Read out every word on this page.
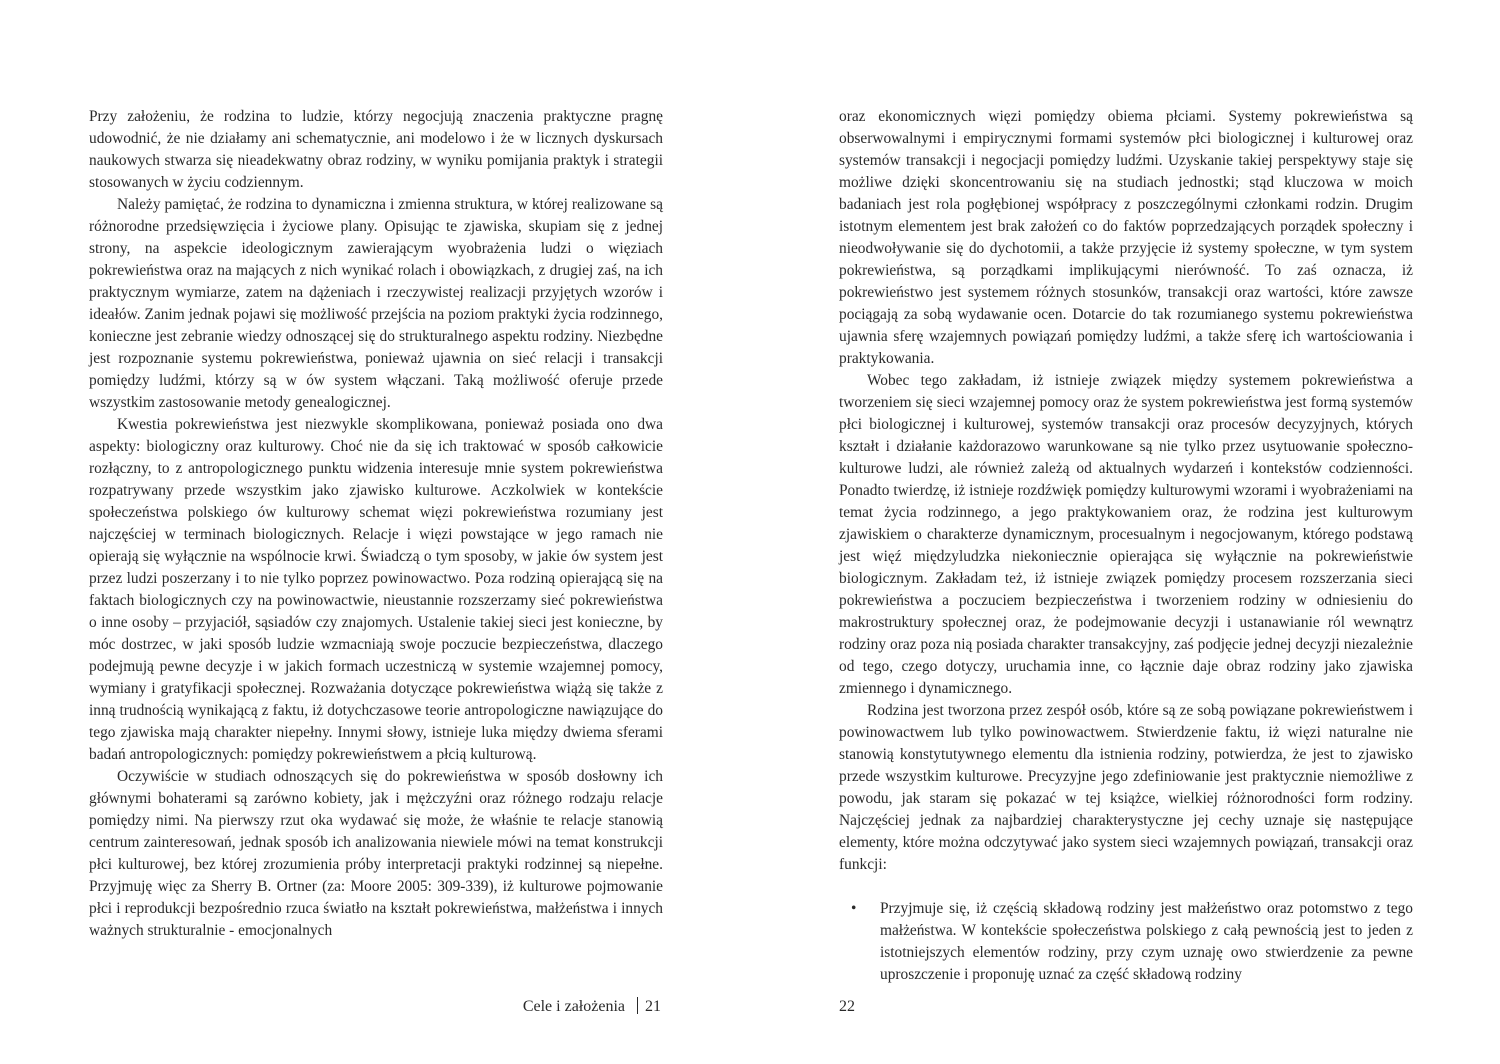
Przy założeniu, że rodzina to ludzie, którzy negocjują znaczenia praktyczne pragnę udowodnić, że nie działamy ani schematycznie, ani modelowo i że w licznych dyskursach naukowych stwarza się nieadekwatny obraz rodziny, w wyniku pomijania praktyk i strategii stosowanych w życiu codziennym.

Należy pamiętać, że rodzina to dynamiczna i zmienna struktura, w której realizowane są różnorodne przedsięwzięcia i życiowe plany. Opisując te zjawiska, skupiam się z jednej strony, na aspekcie ideologicznym zawierającym wyobrażenia ludzi o więziach pokrewieństwa oraz na mających z nich wynikać rolach i obowiązkach, z drugiej zaś, na ich praktycznym wymiarze, zatem na dążeniach i rzeczywistej realizacji przyjętych wzorów i ideałów. Zanim jednak pojawi się możliwość przejścia na poziom praktyki życia rodzinnego, konieczne jest zebranie wiedzy odnoszącej się do strukturalnego aspektu rodziny. Niezbędne jest rozpoznanie systemu pokrewieństwa, ponieważ ujawnia on sieć relacji i transakcji pomiędzy ludźmi, którzy są w ów system włączani. Taką możliwość oferuje przede wszystkim zastosowanie metody genealogicznej.

Kwestia pokrewieństwa jest niezwykle skomplikowana, ponieważ posiada ono dwa aspekty: biologiczny oraz kulturowy. Choć nie da się ich traktować w sposób całkowicie rozłączny, to z antropologicznego punktu widzenia interesuje mnie system pokrewieństwa rozpatrywany przede wszystkim jako zjawisko kulturowe. Aczkolwiek w kontekście społeczeństwa polskiego ów kulturowy schemat więzi pokrewieństwa rozumiany jest najczęściej w terminach biologicznych. Relacje i więzi powstające w jego ramach nie opierają się wyłącznie na wspólnocie krwi. Świadczą o tym sposoby, w jakie ów system jest przez ludzi poszerzany i to nie tylko poprzez powinowactwo. Poza rodziną opierającą się na faktach biologicznych czy na powinowactwie, nieustannie rozszerzamy sieć pokrewieństwa o inne osoby – przyjaciół, sąsiadów czy znajomych. Ustalenie takiej sieci jest konieczne, by móc dostrzec, w jaki sposób ludzie wzmacniają swoje poczucie bezpieczeństwa, dlaczego podejmują pewne decyzje i w jakich formach uczestniczą w systemie wzajemnej pomocy, wymiany i gratyfikacji społecznej. Rozważania dotyczące pokrewieństwa wiążą się także z inną trudnością wynikającą z faktu, iż dotychczasowe teorie antropologiczne nawiązujące do tego zjawiska mają charakter niepełny. Innymi słowy, istnieje luka między dwiema sferami badań antropologicznych: pomiędzy pokrewieństwem a płcią kulturową.

Oczywiście w studiach odnoszących się do pokrewieństwa w sposób dosłowny ich głównymi bohaterami są zarówno kobiety, jak i mężczyźni oraz różnego rodzaju relacje pomiędzy nimi. Na pierwszy rzut oka wydawać się może, że właśnie te relacje stanowią centrum zainteresowań, jednak sposób ich analizowania niewiele mówi na temat konstrukcji płci kulturowej, bez której zrozumienia próby interpretacji praktyki rodzinnej są niepełne. Przyjmuję więc za Sherry B. Ortner (za: Moore 2005: 309-339), iż kulturowe pojmowanie płci i reprodukcji bezpośrednio rzuca światło na kształt pokrewieństwa, małżeństwa i innych ważnych strukturalnie - emocjonalnych

Cele i założenia 21

oraz ekonomicznych więzi pomiędzy obiema płciami. Systemy pokrewieństwa są obserwowalnymi i empirycznymi formami systemów płci biologicznej i kulturowej oraz systemów transakcji i negocjacji pomiędzy ludźmi. Uzyskanie takiej perspektywy staje się możliwe dzięki skoncentrowaniu się na studiach jednostki; stąd kluczowa w moich badaniach jest rola pogłębionej współpracy z poszczególnymi członkami rodzin. Drugim istotnym elementem jest brak założeń co do faktów poprzedzających porządek społeczny i nieodwoływanie się do dychotomii, a także przyjęcie iż systemy społeczne, w tym system pokrewieństwa, są porządkami implikującymi nierówność. To zaś oznacza, iż pokrewieństwo jest systemem różnych stosunków, transakcji oraz wartości, które zawsze pociągają za sobą wydawanie ocen. Dotarcie do tak rozumianego systemu pokrewieństwa ujawnia sferę wzajemnych powiązań pomiędzy ludźmi, a także sferę ich wartościowania i praktykowania.

Wobec tego zakładam, iż istnieje związek między systemem pokrewieństwa a tworzeniem się sieci wzajemnej pomocy oraz że system pokrewieństwa jest formą systemów płci biologicznej i kulturowej, systemów transakcji oraz procesów decyzyjnych, których kształt i działanie każdorazowo warunkowane są nie tylko przez usytuowanie społeczno-kulturowe ludzi, ale również zależą od aktualnych wydarzeń i kontekstów codzienności. Ponadto twierdzę, iż istnieje rozdźwięk pomiędzy kulturowymi wzorami i wyobrażeniami na temat życia rodzinnego, a jego praktykowaniem oraz, że rodzina jest kulturowym zjawiskiem o charakterze dynamicznym, procesualnym i negocjowanym, którego podstawą jest więź międzyludzka niekoniecznie opierająca się wyłącznie na pokrewieństwie biologicznym. Zakładam też, iż istnieje związek pomiędzy procesem rozszerzania sieci pokrewieństwa a poczuciem bezpieczeństwa i tworzeniem rodziny w odniesieniu do makrostruktury społecznej oraz, że podejmowanie decyzji i ustanawianie ról wewnątrz rodziny oraz poza nią posiada charakter transakcyjny, zaś podjęcie jednej decyzji niezależnie od tego, czego dotyczy, uruchamia inne, co łącznie daje obraz rodziny jako zjawiska zmiennego i dynamicznego.

Rodzina jest tworzona przez zespół osób, które są ze sobą powiązane pokrewieństwem i powinowactwem lub tylko powinowactwem. Stwierdzenie faktu, iż więzi naturalne nie stanowią konstytutywnego elementu dla istnienia rodziny, potwierdza, że jest to zjawisko przede wszystkim kulturowe. Precyzyjne jego zdefiniowanie jest praktycznie niemożliwe z powodu, jak staram się pokazać w tej książce, wielkiej różnorodności form rodziny. Najczęściej jednak za najbardziej charakterystyczne jej cechy uznaje się następujące elementy, które można odczytywać jako system sieci wzajemnych powiązań, transakcji oraz funkcji:

• Przyjmuje się, iż częścią składową rodziny jest małżeństwo oraz potomstwo z tego małżeństwa. W kontekście społeczeństwa polskiego z całą pewnością jest to jeden z istotniejszych elementów rodziny, przy czym uznaję owo stwierdzenie za pewne uproszczenie i proponuję uznać za część składową rodziny
22
